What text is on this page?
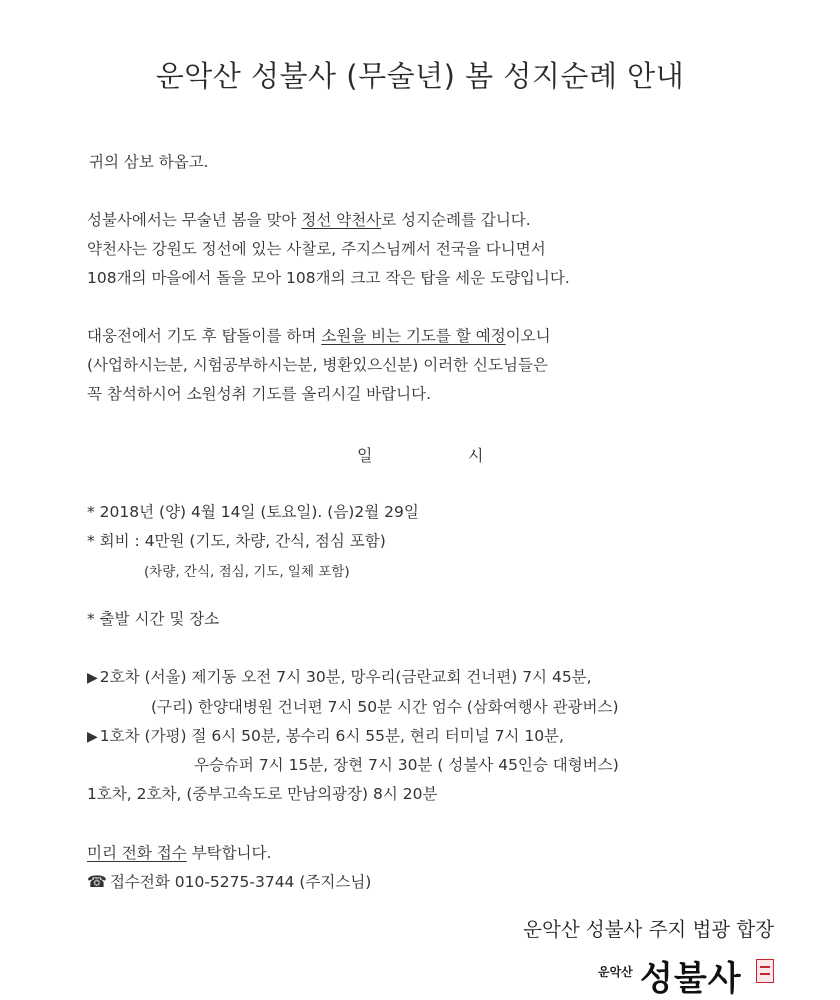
운악산 성불사 (무술년) 봄 성지순례 안내
귀의 삼보 하옵고.
성불사에서는 무술년 봄을 맞아 정선 약천사로 성지순례를 갑니다.
약천사는 강원도 정선에 있는 사찰로, 주지스님께서 전국을 다니면서
108개의 마을에서 돌을 모아 108개의 크고 작은 탑을 세운 도량입니다.
대웅전에서 기도 후 탑돌이를 하며 소원을 비는 기도를 할 예정이오니
(사업하시는분, 시험공부하시는분, 병환있으신분) 이러한 신도님들은
꼭 참석하시어 소원성취 기도를 올리시길 바랍니다.
일	시
* 2018년 (양) 4월 14일 (토요일). (음)2월 29일
* 회비 : 4만원 (기도, 차량, 간식, 점심 포함)
(차량, 간식, 점심, 기도, 일체 포함)
* 출발 시간 및 장소
▶ 2호차 (서울) 제기동 오전 7시 30분, 망우리(금란교회 건너편) 7시 45분,
(구리) 한양대병원 건너편 7시 50분 시간 엄수 (삼화여행사 관광버스)
▶ 1호차 (가평) 절 6시 50분, 봉수리 6시 55분, 현리 터미널 7시 10분,
우승슈퍼 7시 15분, 장현 7시 30분 ( 성불사 45인승 대형버스)
1호차, 2호차, (중부고속도로 만남의광장) 8시 20분
미리 전화 접수 부탁합니다.
☎ 접수전화 010-5275-3744 (주지스님)
운악산 성불사 주지 법광 합장
운악산 성불사
